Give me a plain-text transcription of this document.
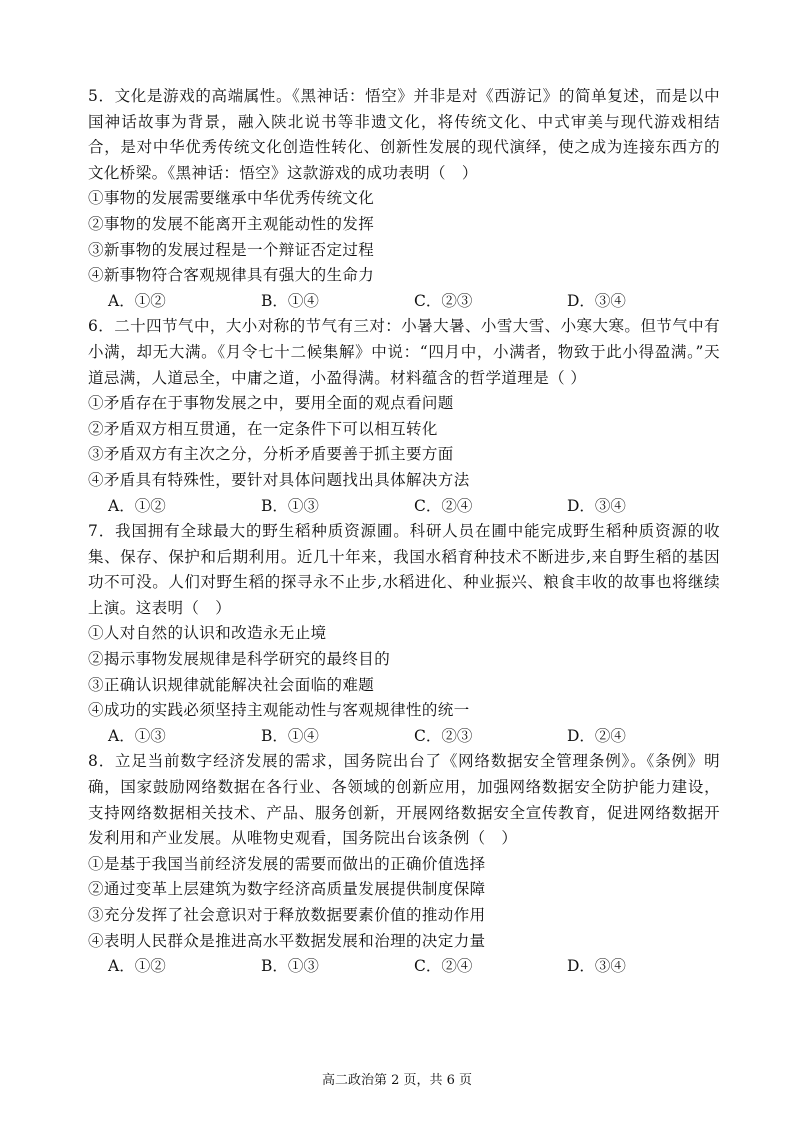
5．文化是游戏的高端属性。《黑神话：悟空》并非是对《西游记》的简单复述，而是以中国神话故事为背景，融入陕北说书等非遗文化，将传统文化、中式审美与现代游戏相结合，是对中华优秀传统文化创造性转化、创新性发展的现代演绎，使之成为连接东西方的文化桥梁。《黑神话：悟空》这款游戏的成功表明（　）

①事物的发展需要继承中华优秀传统文化

②事物的发展不能离开主观能动性的发挥

③新事物的发展过程是一个辩证否定过程

④新事物符合客观规律具有强大的生命力

A．①②	B．①④	C．②③	D．③④

6．二十四节气中，大小对称的节气有三对：小暑大暑、小雪大雪、小寒大寒。但节气中有小满，却无大满。《月令七十二候集解》中说：“四月中，小满者，物致于此小得盈满。”天道忌满，人道忌全，中庸之道，小盈得满。材料蕴含的哲学道理是（ ）

①矛盾存在于事物发展之中，要用全面的观点看问题

②矛盾双方相互贯通，在一定条件下可以相互转化

③矛盾双方有主次之分，分析矛盾要善于抓主要方面

④矛盾具有特殊性，要针对具体问题找出具体解决方法

A．①②	B．①③	C．②④	D．③④

7．我国拥有全球最大的野生稻种质资源圃。科研人员在圃中能完成野生稻种质资源的收集、保存、保护和后期利用。近几十年来，我国水稻育种技术不断进步,来自野生稻的基因功不可没。人们对野生稻的探寻永不止步,水稻进化、种业振兴、粮食丰收的故事也将继续上演。这表明（　）

①人对自然的认识和改造永无止境

②揭示事物发展规律是科学研究的最终目的

③正确认识规律就能解决社会面临的难题

④成功的实践必须坚持主观能动性与客观规律性的统一

A．①③	B．①④	C．②③	D．②④

8．立足当前数字经济发展的需求，国务院出台了《网络数据安全管理条例》。《条例》明确，国家鼓励网络数据在各行业、各领域的创新应用，加强网络数据安全防护能力建设，支持网络数据相关技术、产品、服务创新，开展网络数据安全宣传教育，促进网络数据开发利用和产业发展。从唯物史观看，国务院出台该条例（　）

①是基于我国当前经济发展的需要而做出的正确价值选择

②通过变革上层建筑为数字经济高质量发展提供制度保障

③充分发挥了社会意识对于释放数据要素价值的推动作用

④表明人民群众是推进高水平数据发展和治理的决定力量

A．①②	B．①③	C．②④	D．③④
高二政治第 2 页，共 6 页
